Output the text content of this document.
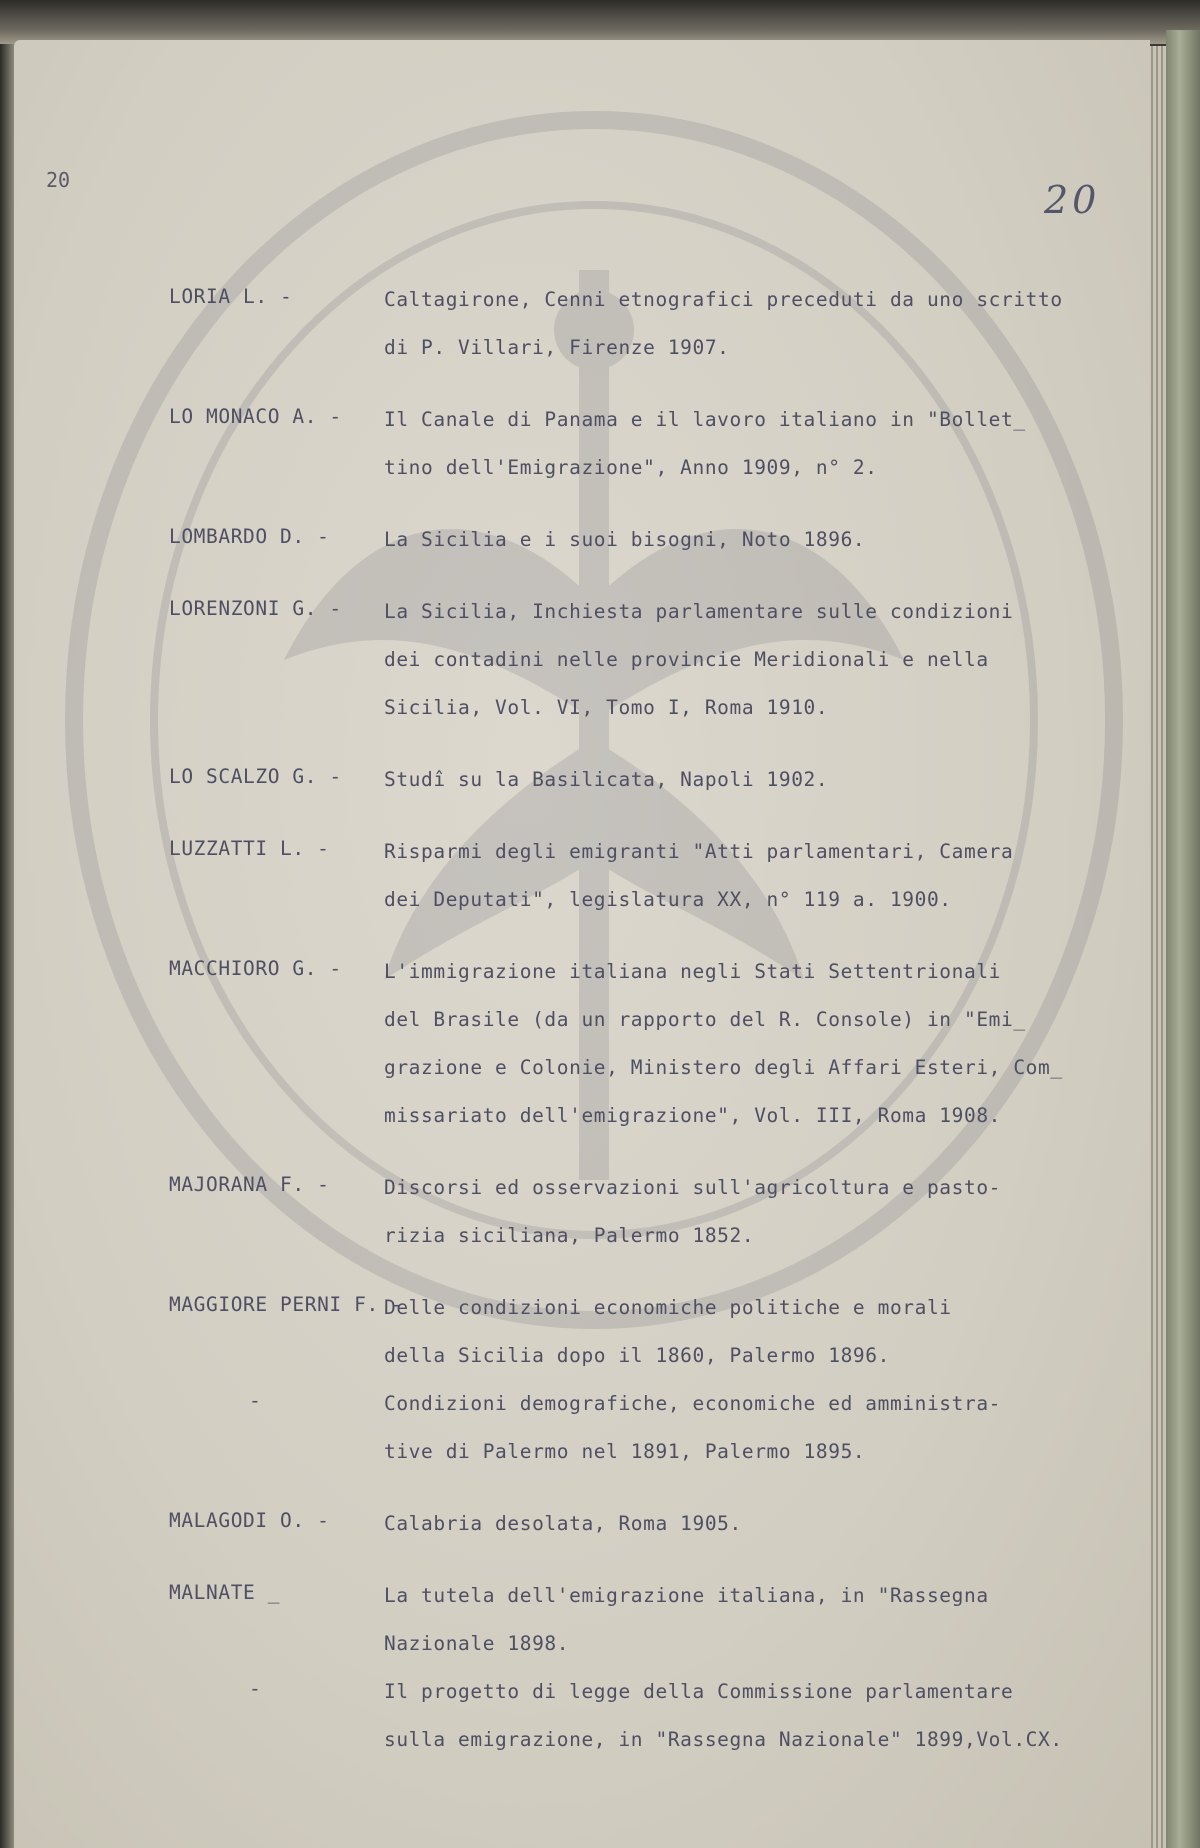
20	20
LORIA L. -	Caltagirone, Cenni etnografici preceduti da uno scritto
di P. Villari, Firenze 1907.
LO MONACO A. - Il Canale di Panama e il lavoro italiano in "Bollet_
tino dell'Emigrazione", Anno 1909, n° 2.
LOMBARDO D. -	La Sicilia e i suoi bisogni, Noto 1896.
LORENZONI G. - La Sicilia, Inchiesta parlamentare sulle condizioni
dei contadini nelle provincie Meridionali e nella
Sicilia, Vol. VI, Tomo I, Roma 1910.
LO SCALZO G. - Studî su la Basilicata, Napoli 1902.
LUZZATTI L. -	Risparmi degli emigranti "Atti parlamentari, Camera
dei Deputati", legislatura XX, n° 119 a. 1900.
MACCHIORO G. - L'immigrazione italiana negli Stati Settentrionali
del Brasile (da un rapporto del R. Console) in "Emi_
grazione e Colonie, Ministero degli Affari Esteri, Com_
missariato dell'emigrazione", Vol. III, Roma 1908.
MAJORANA F. -	Discorsi ed osservazioni sull'agricoltura e pasto-
rizia siciliana, Palermo 1852.
MAGGIORE PERNI F. -
Delle condizioni economiche politiche e morali
della Sicilia dopo il 1860, Palermo 1896.
-	Condizioni demografiche, economiche ed amministra-
tive di Palermo nel 1891, Palermo 1895.
MALAGODI O. -	Calabria desolata, Roma 1905.
MALNATE _	La tutela dell'emigrazione italiana, in "Rassegna
Nazionale 1898.
-	Il progetto di legge della Commissione parlamentare
sulla emigrazione, in "Rassegna Nazionale" 1899,Vol.CX.
